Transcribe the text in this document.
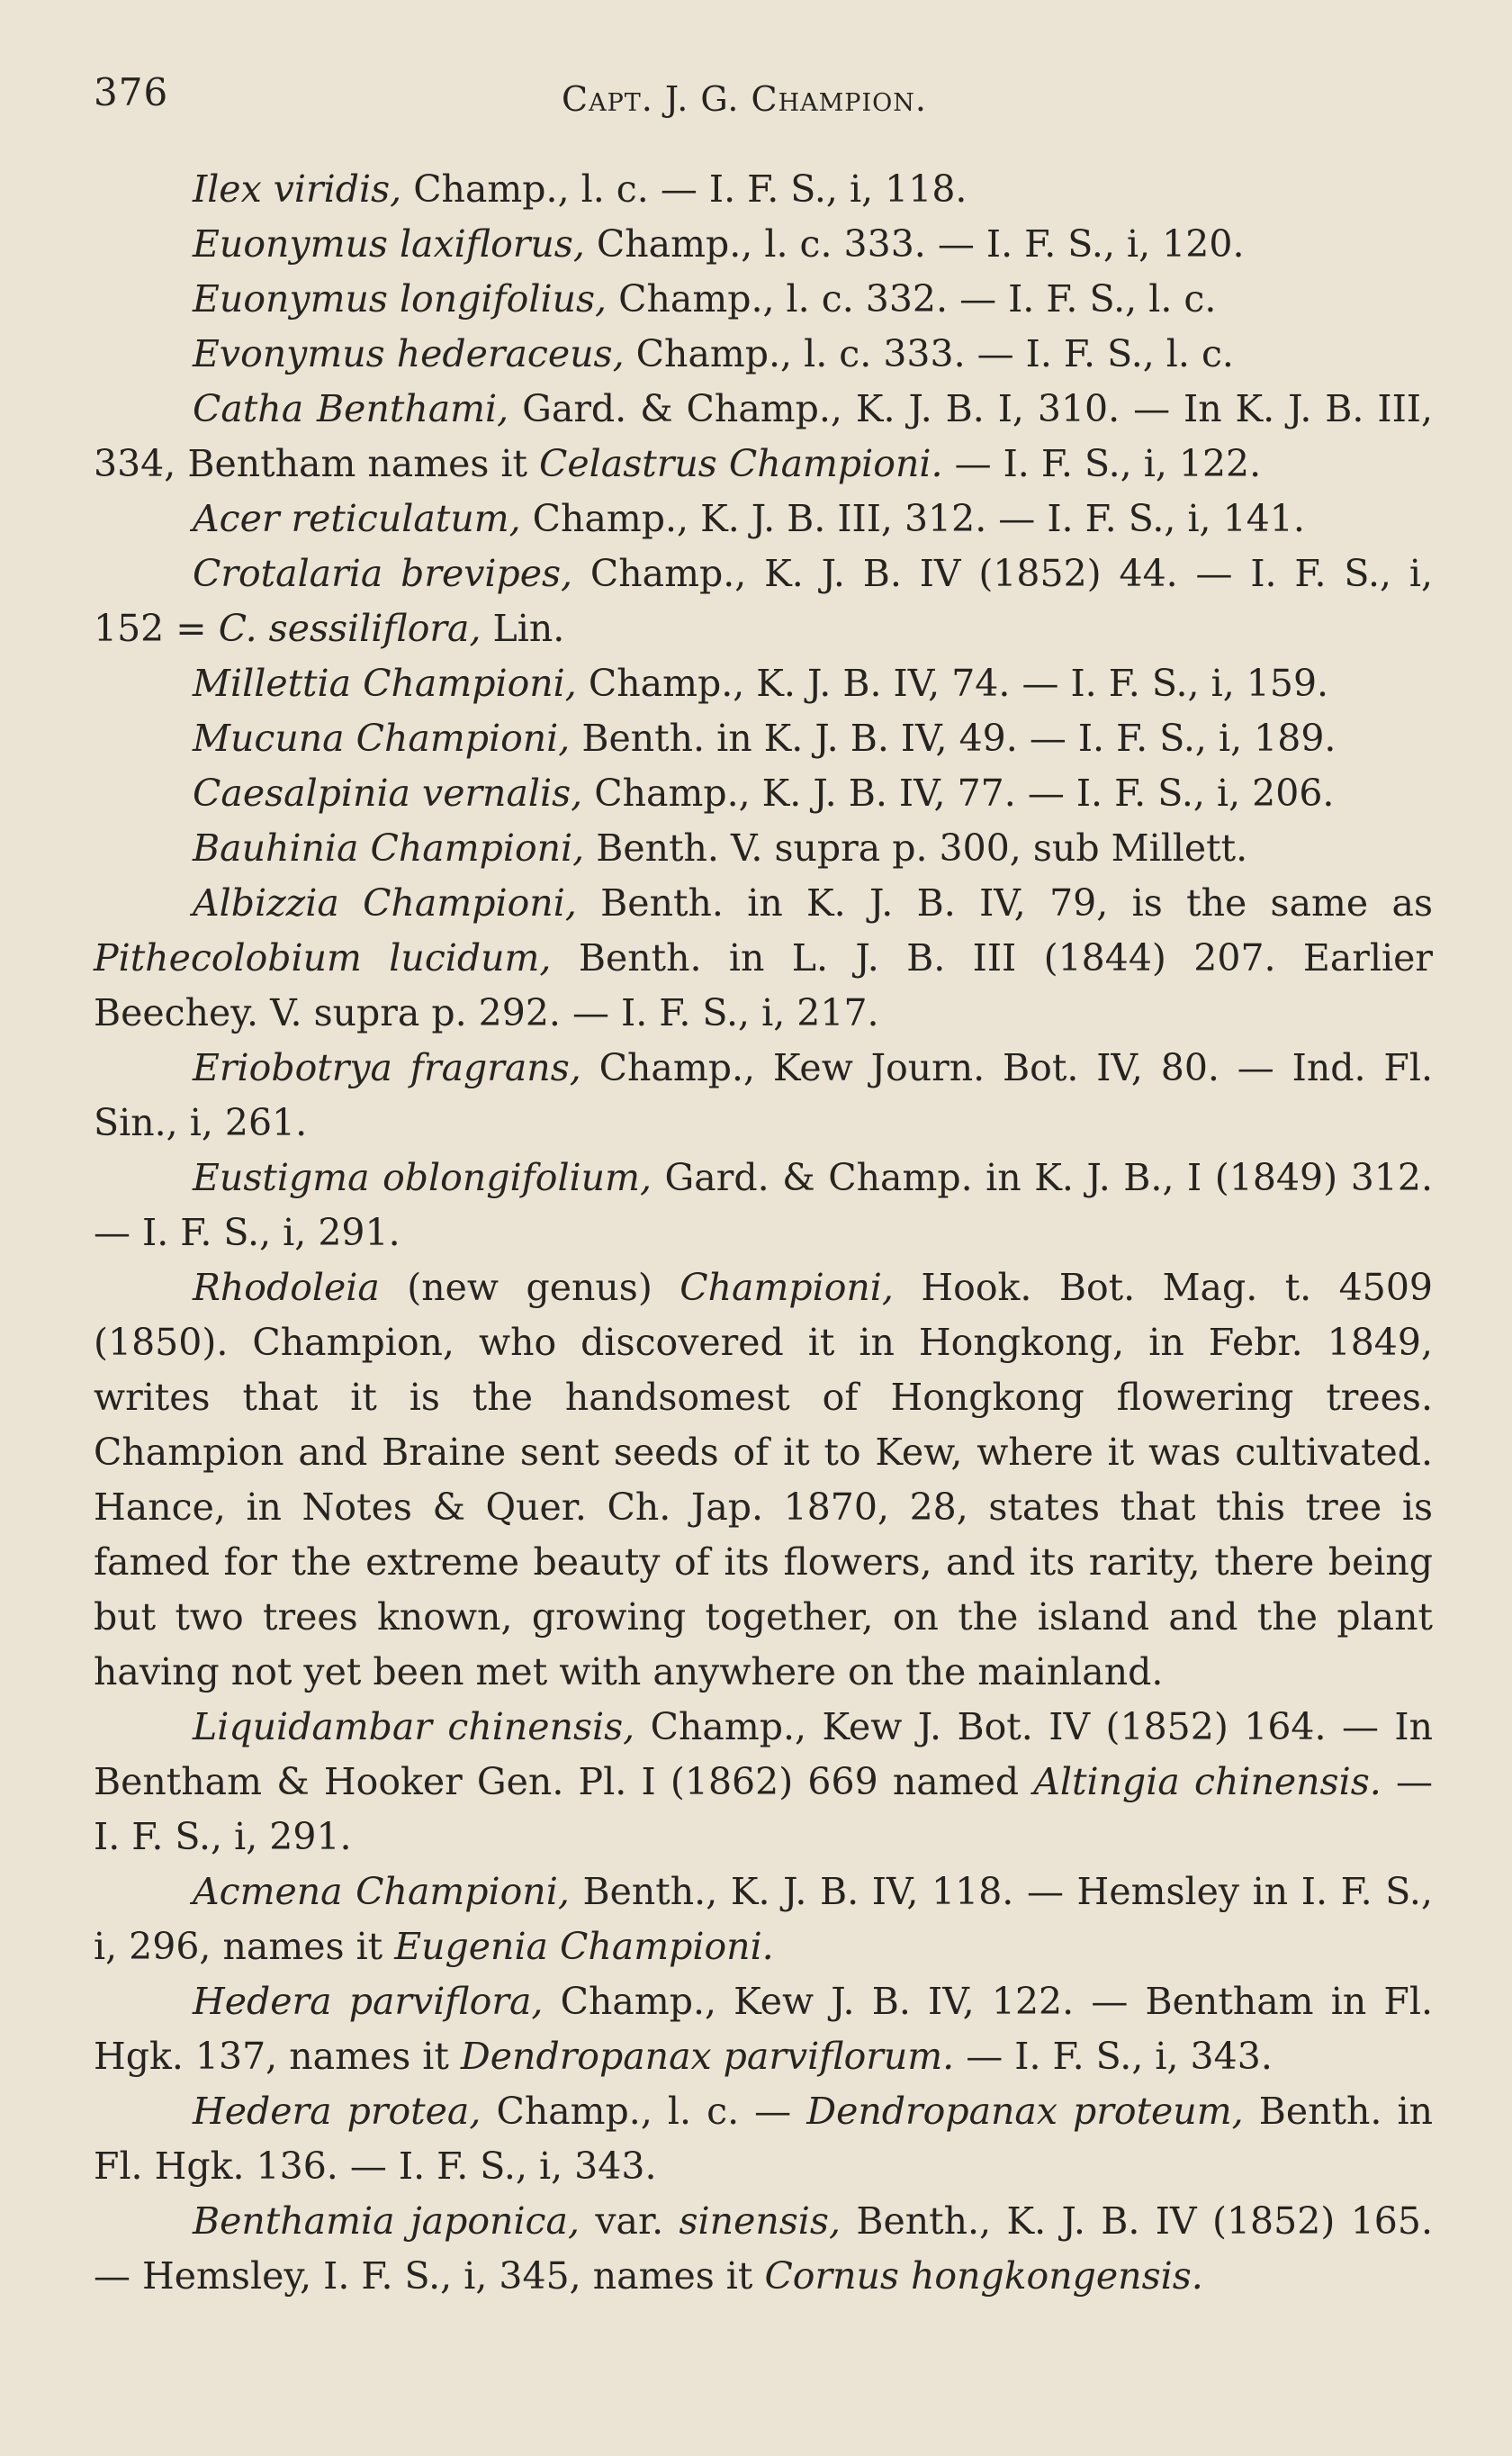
376	Capt. J. G. Champion.

Ilex viridis, Champ., l. c. — I. F. S., i, 118.

Euonymus laxiflorus, Champ., l. c. 333. — I. F. S., i, 120.

Euonymus longifolius, Champ., l. c. 332. — I. F. S., l. c.

Evonymus hederaceus, Champ., l. c. 333. — I. F. S., l. c.

Catha Benthami, Gard. & Champ., K. J. B. I, 310. — In K. J. B. III, 334, Bentham names it Celastrus Championi. — I. F. S., i, 122.

Acer reticulatum, Champ., K. J. B. III, 312. — I. F. S., i, 141.

Crotalaria brevipes, Champ., K. J. B. IV (1852) 44. — I. F. S., i, 152 = C. sessiliflora, Lin.

Millettia Championi, Champ., K. J. B. IV, 74. — I. F. S., i, 159.

Mucuna Championi, Benth. in K. J. B. IV, 49. — I. F. S., i, 189.

Caesalpinia vernalis, Champ., K. J. B. IV, 77. — I. F. S., i, 206.

Bauhinia Championi, Benth. V. supra p. 300, sub Millett.

Albizzia Championi, Benth. in K. J. B. IV, 79, is the same as Pithecolobium lucidum, Benth. in L. J. B. III (1844) 207. Earlier Beechey. V. supra p. 292. — I. F. S., i, 217.

Eriobotrya fragrans, Champ., Kew Journ. Bot. IV, 80. — Ind. Fl. Sin., i, 261.

Eustigma oblongifolium, Gard. & Champ. in K. J. B., I (1849) 312. — I. F. S., i, 291.

Rhodoleia (new genus) Championi, Hook. Bot. Mag. t. 4509 (1850). Champion, who discovered it in Hongkong, in Febr. 1849, writes that it is the handsomest of Hongkong flowering trees. Champion and Braine sent seeds of it to Kew, where it was cultivated. Hance, in Notes & Quer. Ch. Jap. 1870, 28, states that this tree is famed for the extreme beauty of its flowers, and its rarity, there being but two trees known, growing together, on the island and the plant having not yet been met with anywhere on the mainland.

Liquidambar chinensis, Champ., Kew J. Bot. IV (1852) 164. — In Bentham & Hooker Gen. Pl. I (1862) 669 named Altingia chinensis. — I. F. S., i, 291.

Acmena Championi, Benth., K. J. B. IV, 118. — Hemsley in I. F. S., i, 296, names it Eugenia Championi.

Hedera parviflora, Champ., Kew J. B. IV, 122. — Bentham in Fl. Hgk. 137, names it Dendropanax parviflorum. — I. F. S., i, 343.

Hedera protea, Champ., l. c. — Dendropanax proteum, Benth. in Fl. Hgk. 136. — I. F. S., i, 343.

Benthamia japonica, var. sinensis, Benth., K. J. B. IV (1852) 165. — Hemsley, I. F. S., i, 345, names it Cornus hongkongensis.
